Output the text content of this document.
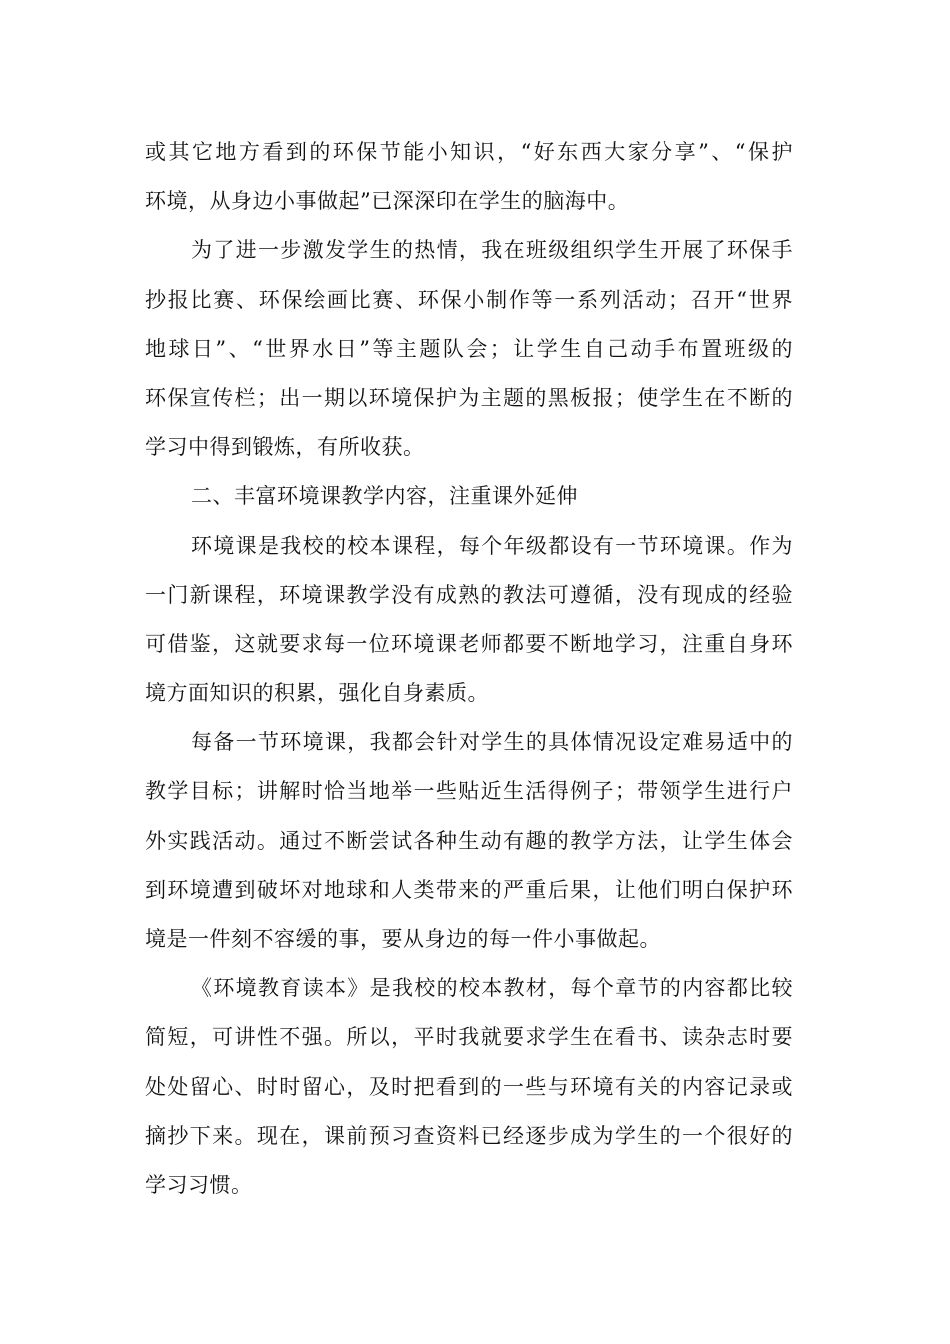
或其它地方看到的环保节能小知识，“好东西大家分享”、“保护
环境，从身边小事做起”已深深印在学生的脑海中。
为了进一步激发学生的热情，我在班级组织学生开展了环保手
抄报比赛、环保绘画比赛、环保小制作等一系列活动；召开“世界
地球日”、“世界水日”等主题队会；让学生自己动手布置班级的
环保宣传栏；出一期以环境保护为主题的黑板报；使学生在不断的
学习中得到锻炼，有所收获。
二、丰富环境课教学内容，注重课外延伸
环境课是我校的校本课程，每个年级都设有一节环境课。作为
一门新课程，环境课教学没有成熟的教法可遵循，没有现成的经验
可借鉴，这就要求每一位环境课老师都要不断地学习，注重自身环
境方面知识的积累，强化自身素质。
每备一节环境课，我都会针对学生的具体情况设定难易适中的
教学目标；讲解时恰当地举一些贴近生活得例子；带领学生进行户
外实践活动。通过不断尝试各种生动有趣的教学方法，让学生体会
到环境遭到破坏对地球和人类带来的严重后果，让他们明白保护环
境是一件刻不容缓的事，要从身边的每一件小事做起。
《环境教育读本》是我校的校本教材，每个章节的内容都比较
简短，可讲性不强。所以，平时我就要求学生在看书、读杂志时要
处处留心、时时留心，及时把看到的一些与环境有关的内容记录或
摘抄下来。现在，课前预习查资料已经逐步成为学生的一个很好的
学习习惯。
